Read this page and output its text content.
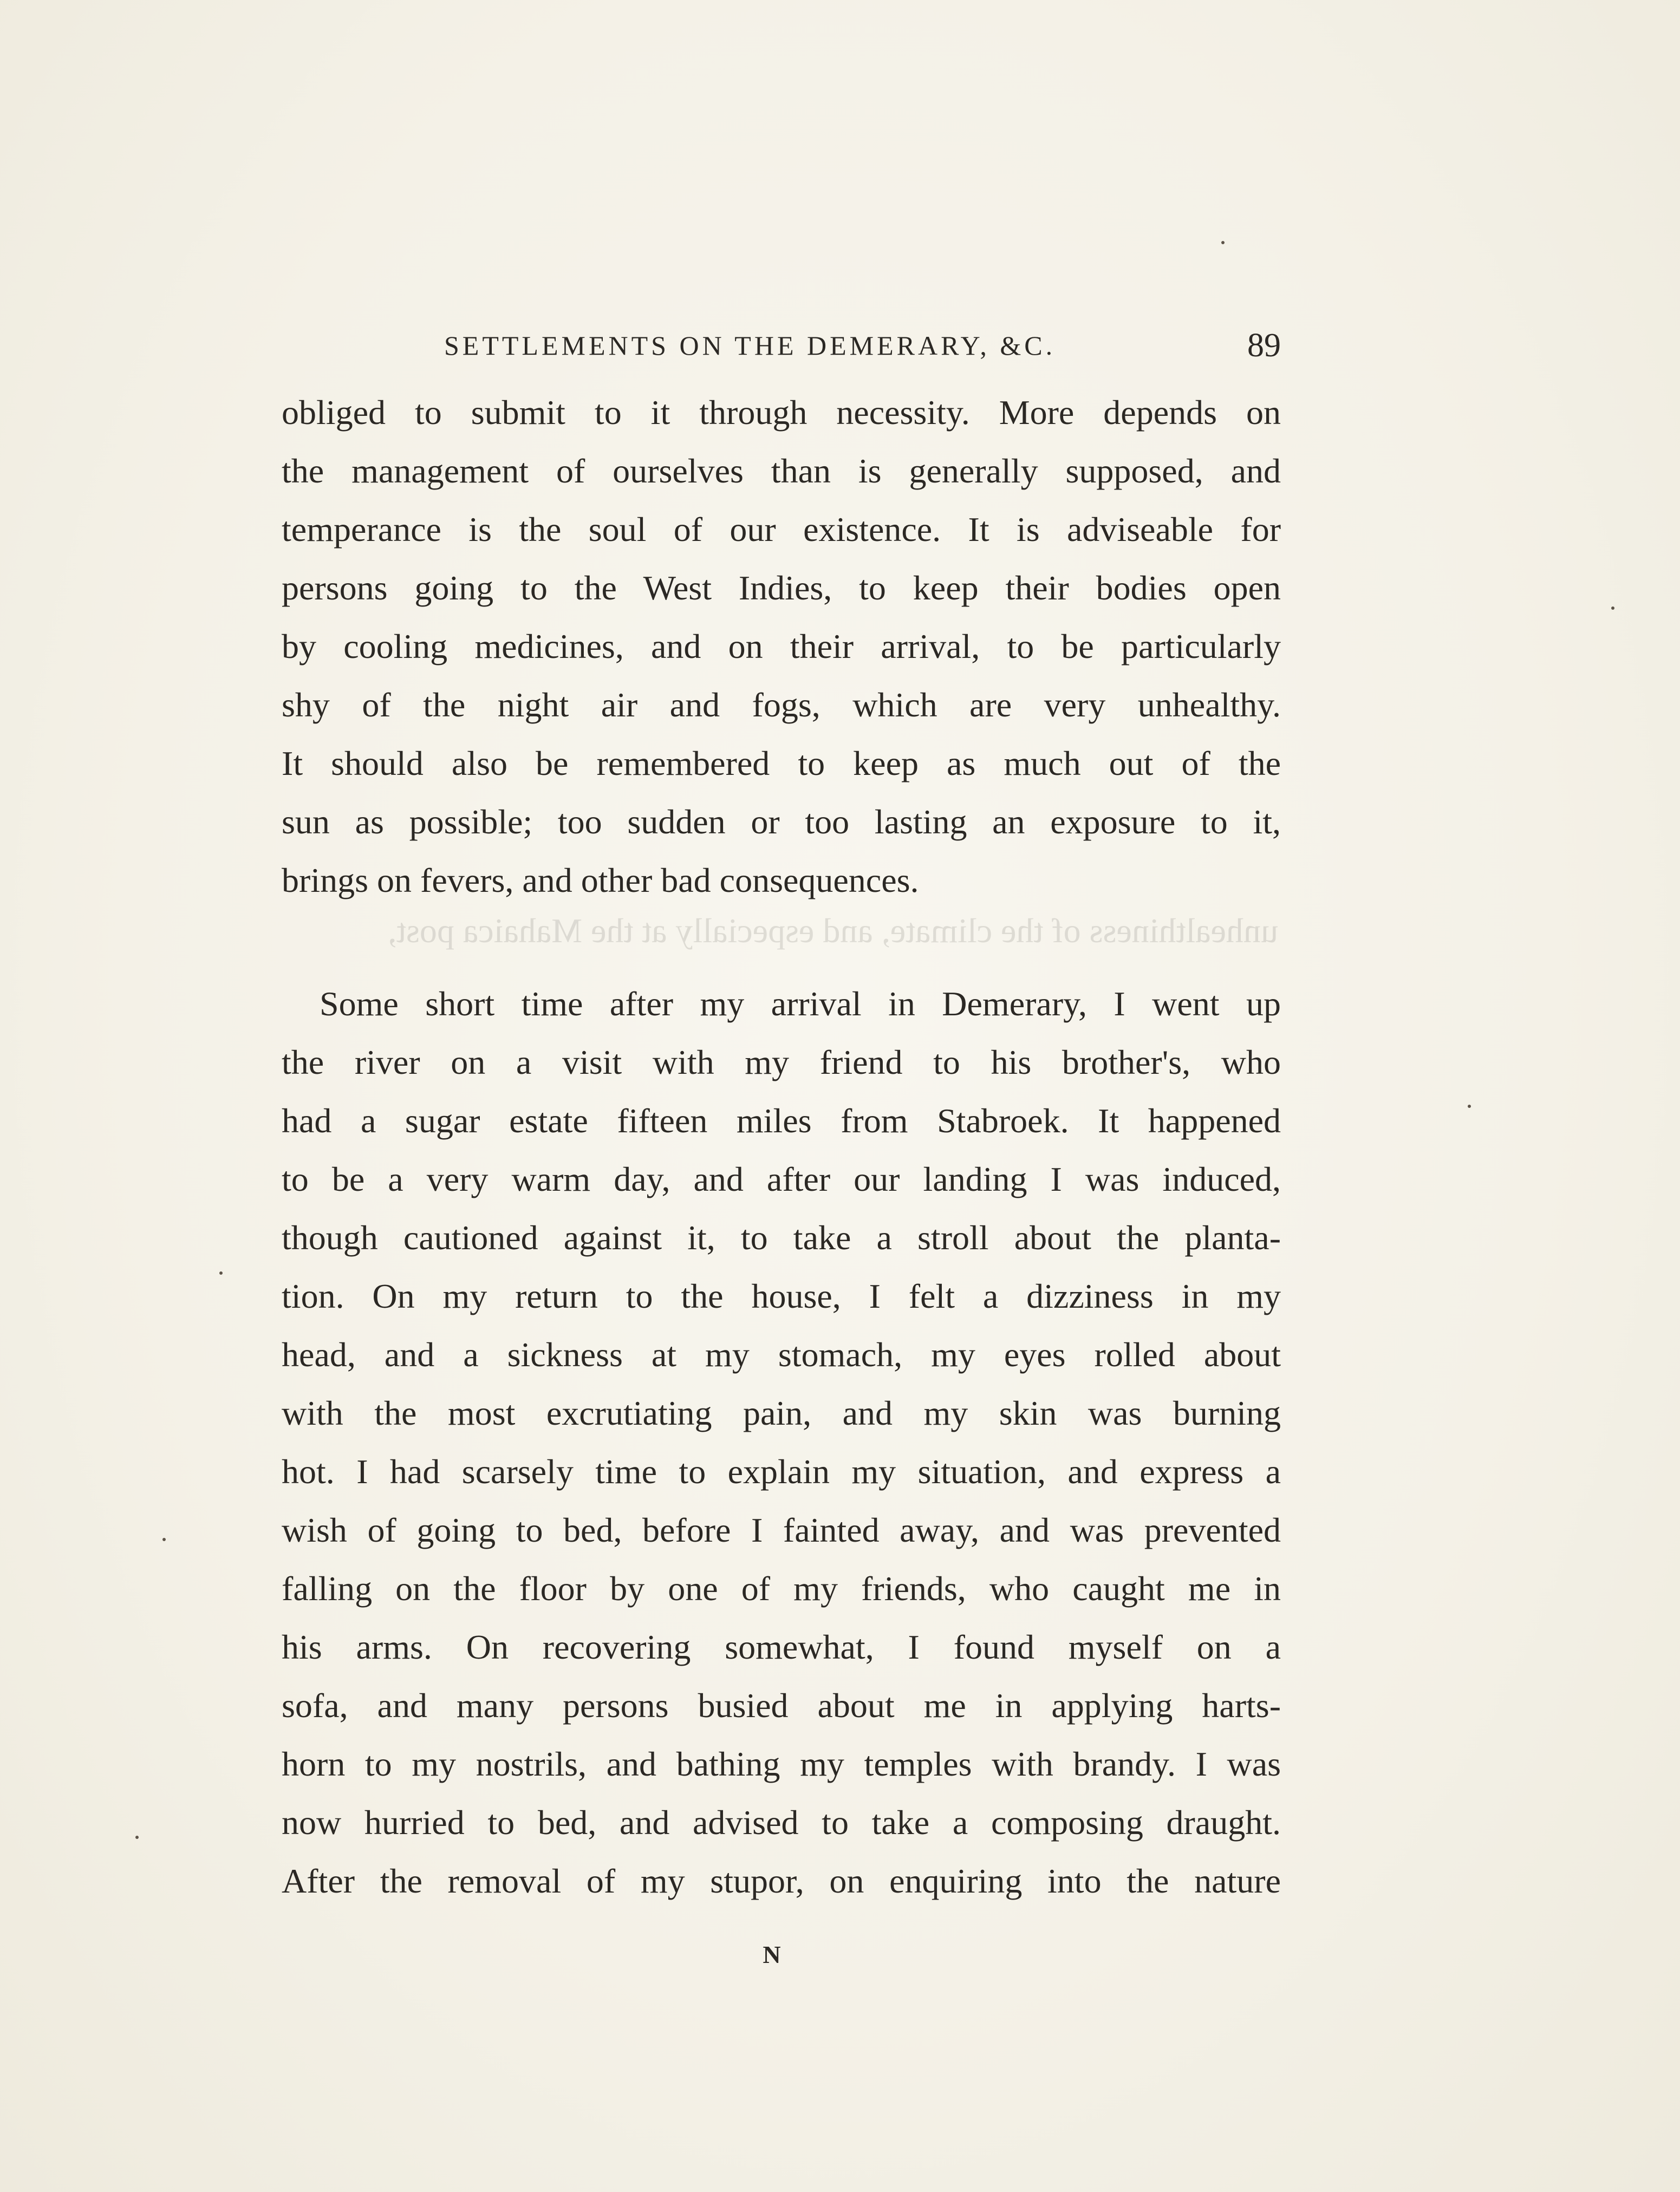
unhealthiness of the climate, and especially at the Mahaica post,
SETTLEMENTS ON THE DEMERARY, &C.	89
obliged to submit to it through necessity. More depends on
the management of ourselves than is generally supposed, and
temperance is the soul of our existence. It is adviseable for
persons going to the West Indies, to keep their bodies open
by cooling medicines, and on their arrival, to be particularly
shy of the night air and fogs, which are very unhealthy.
It should also be remembered to keep as much out of the
sun as possible; too sudden or too lasting an exposure to it,
brings on fevers, and other bad consequences.
Some short time after my arrival in Demerary, I went up
the river on a visit with my friend to his brother's, who
had a sugar estate fifteen miles from Stabroek. It happened
to be a very warm day, and after our landing I was induced,
though cautioned against it, to take a stroll about the planta-
tion. On my return to the house, I felt a dizziness in my
head, and a sickness at my stomach, my eyes rolled about
with the most excrutiating pain, and my skin was burning
hot. I had scarsely time to explain my situation, and express a
wish of going to bed, before I fainted away, and was prevented
falling on the floor by one of my friends, who caught me in
his arms. On recovering somewhat, I found myself on a
sofa, and many persons busied about me in applying harts-
horn to my nostrils, and bathing my temples with brandy. I was
now hurried to bed, and advised to take a composing draught.
After the removal of my stupor, on enquiring into the nature
N
